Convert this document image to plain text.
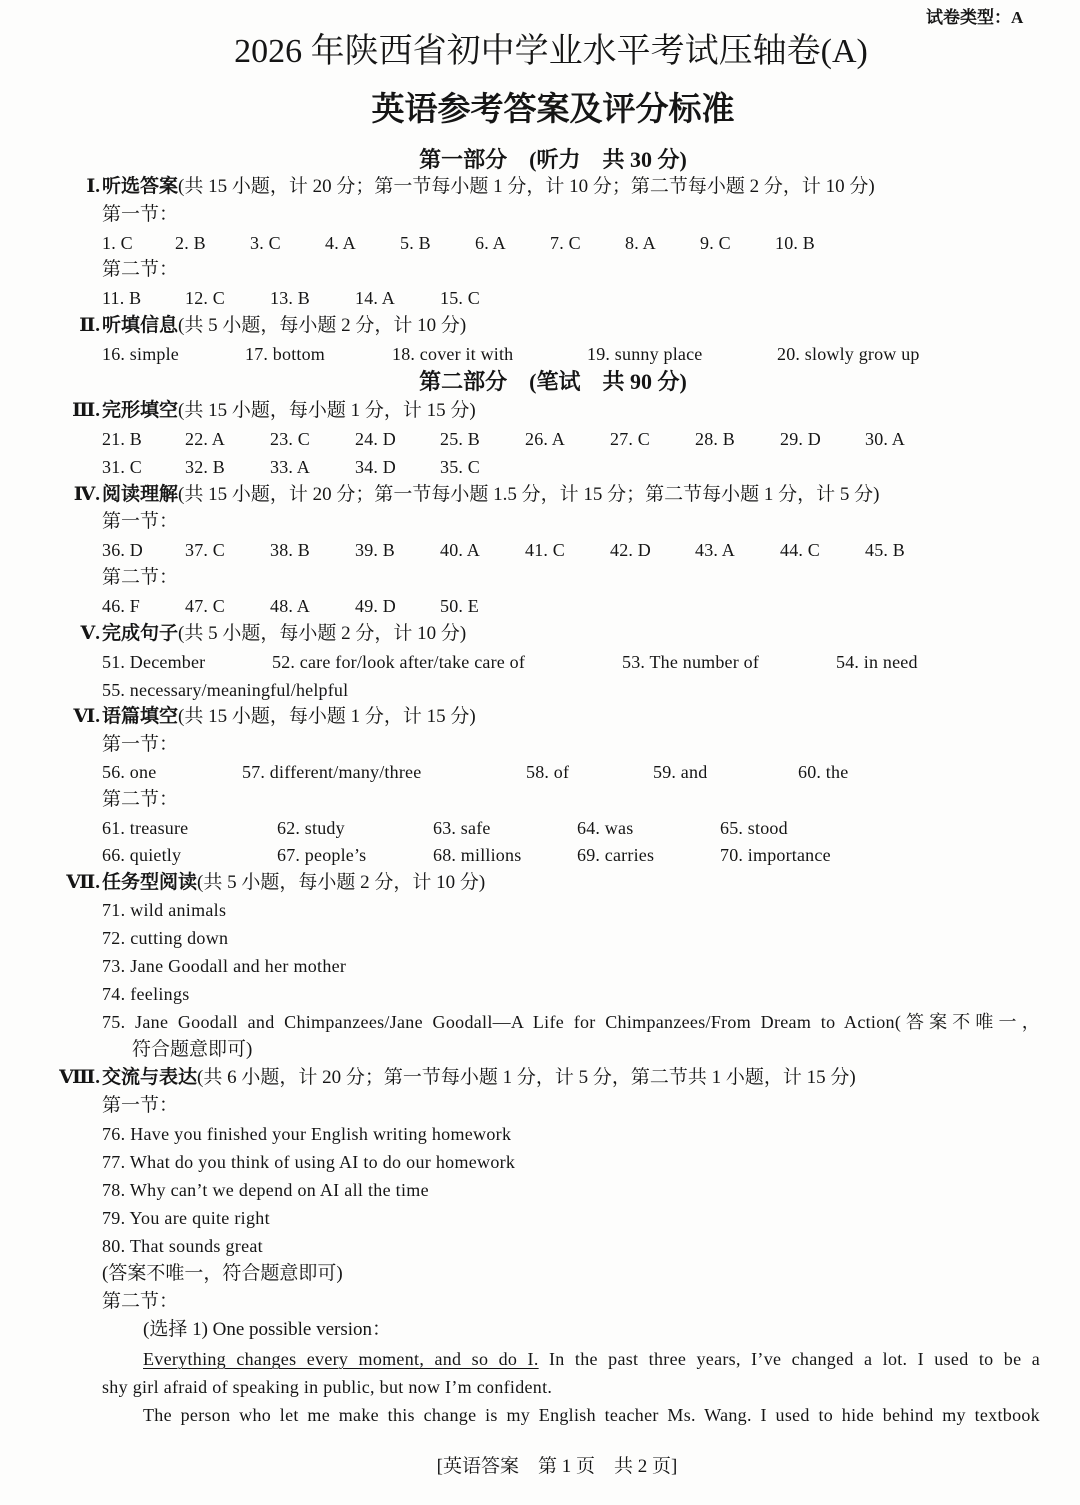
试卷类型：A
2026 年陕西省初中学业水平考试压轴卷(A)
英语参考答案及评分标准
第一部分　(听力　共 30 分)
Ⅰ. 听选答案(共 15 小题，计 20 分；第一节每小题 1 分，计 10 分；第二节每小题 2 分，计 10 分)
第一节：
1. C 2. B 3. C 4. A 5. B 6. A 7. C 8. A 9. C 10. B
第二节：
11. B 12. C 13. B 14. A 15. C
Ⅱ. 听填信息(共 5 小题，每小题 2 分，计 10 分)
16. simple	17. bottom	18. cover it with	19. sunny place	20. slowly grow up
第二部分　(笔试　共 90 分)
Ⅲ. 完形填空(共 15 小题，每小题 1 分，计 15 分)
21. B 22. A 23. C 24. D 25. B 26. A 27. C 28. B 29. D 30. A
31. C 32. B 33. A 34. D 35. C
Ⅳ. 阅读理解(共 15 小题，计 20 分；第一节每小题 1.5 分，计 15 分；第二节每小题 1 分，计 5 分)
第一节：
36. D 37. C 38. B 39. B 40. A 41. C 42. D 43. A 44. C 45. B
第二节：
46. F 47. C 48. A 49. D 50. E
Ⅴ. 完成句子(共 5 小题，每小题 2 分，计 10 分)
51. December	52. care for/look after/take care of	53. The number of	54. in need
55. necessary/meaningful/helpful
Ⅵ. 语篇填空(共 15 小题，每小题 1 分，计 15 分)
第一节：
56. one	57. different/many/three	58. of	59. and	60. the
第二节：
61. treasure	62. study	63. safe	64. was	65. stood
66. quietly	67. people’s	68. millions	69. carries	70. importance
Ⅶ. 任务型阅读(共 5 小题，每小题 2 分，计 10 分)
71. wild animals
72. cutting down
73. Jane Goodall and her mother
74. feelings
75. Jane Goodall and Chimpanzees/Jane Goodall—A Life for Chimpanzees/From Dream to Action(答案不唯一，
符合题意即可)
Ⅷ. 交流与表达(共 6 小题，计 20 分；第一节每小题 1 分，计 5 分，第二节共 1 小题，计 15 分)
第一节：
76. Have you finished your English writing homework
77. What do you think of using AI to do our homework
78. Why can’t we depend on AI all the time
79. You are quite right
80. That sounds great
(答案不唯一，符合题意即可)
第二节：
(选择 1) One possible version：
Everything changes every moment, and so do I. In the past three years, I’ve changed a lot. I used to be a
shy girl afraid of speaking in public, but now I’m confident.
The person who let me make this change is my English teacher Ms. Wang. I used to hide behind my textbook
[英语答案　第 1 页　共 2 页]
